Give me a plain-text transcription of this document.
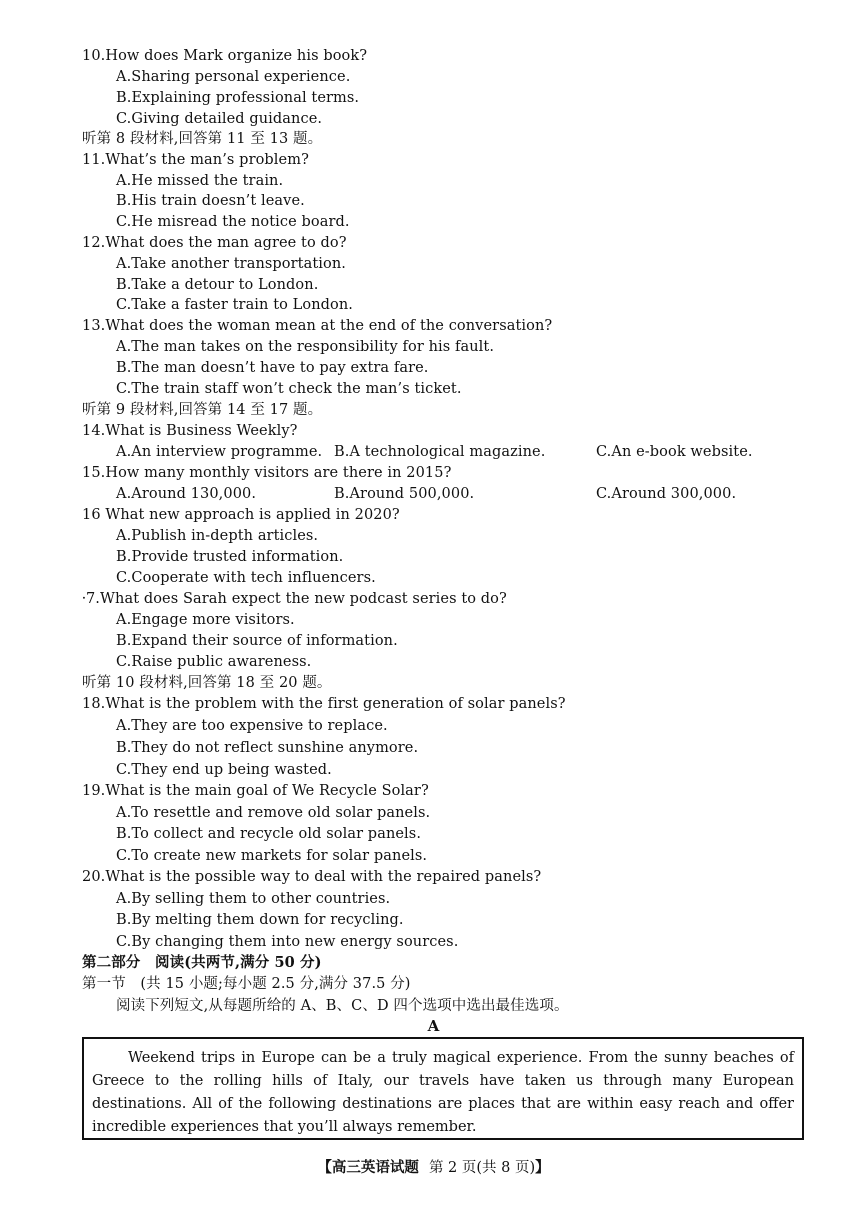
10.How does Mark organize his book?
A.Sharing personal experience.
B.Explaining professional terms.
C.Giving detailed guidance.
听第 8 段材料,回答第 11 至 13 题。
11.What’s the man’s problem?
A.He missed the train.
B.His train doesn’t leave.
C.He misread the notice board.
12.What does the man agree to do?
A.Take another transportation.
B.Take a detour to London.
C.Take a faster train to London.
13.What does the woman mean at the end of the conversation?
A.The man takes on the responsibility for his fault.
B.The man doesn’t have to pay extra fare.
C.The train staff won’t check the man’s ticket.
听第 9 段材料,回答第 14 至 17 题。
14.What is Business Weekly?
A.An interview programme. B.A technological magazine.	C.An e-book website.
15.How many monthly visitors are there in 2015?
A.Around 130,000.	B.Around 500,000.	C.Around 300,000.
16 What new approach is applied in 2020?
A.Publish in-depth articles.
B.Provide trusted information.
C.Cooperate with tech influencers.
⸱7.What does Sarah expect the new podcast series to do?
A.Engage more visitors.
B.Expand their source of information.
C.Raise public awareness.
听第 10 段材料,回答第 18 至 20 题。
18.What is the problem with the first generation of solar panels?
A.They are too expensive to replace.
B.They do not reflect sunshine anymore.
C.They end up being wasted.
19.What is the main goal of We Recycle Solar?
A.To resettle and remove old solar panels.
B.To collect and recycle old solar panels.
C.To create new markets for solar panels.
20.What is the possible way to deal with the repaired panels?
A.By selling them to other countries.
B.By melting them down for recycling.
C.By changing them into new energy sources.
第二部分　阅读(共两节,满分 50 分)
第一节　(共 15 小题;每小题 2.5 分,满分 37.5 分)
阅读下列短文,从每题所给的 A、B、C、D 四个选项中选出最佳选项。
A
Weekend trips in Europe can be a truly magical experience. From the sunny beaches of Greece to the rolling hills of Italy, our travels have taken us through many European destinations. All of the following destinations are places that are within easy reach and offer incredible experiences that you’ll always remember.
【高三英语试题 第 2 页(共 8 页)】
